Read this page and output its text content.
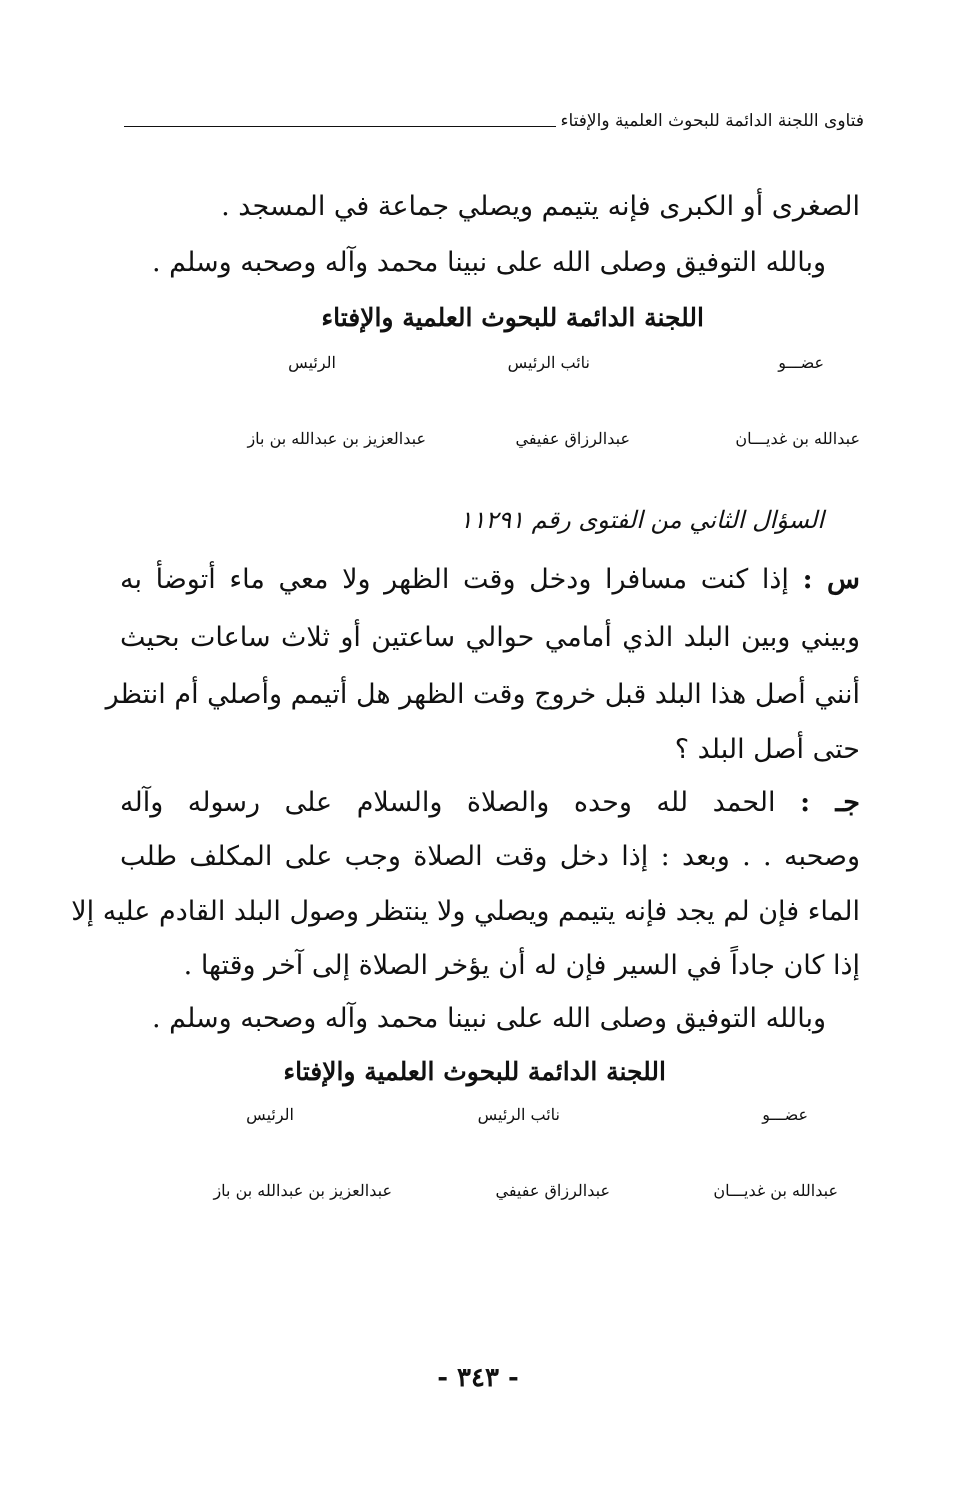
فتاوى اللجنة الدائمة للبحوث العلمية والإفتاء
الصغرى أو الكبرى فإنه يتيمم ويصلي جماعة في المسجد .
وبالله التوفيق وصلى الله على نبينا محمد وآله وصحبه وسلم .
اللجنة الدائمة للبحوث العلمية والإفتاء
عضـــو
نائب الرئيس
الرئيس
عبدالله بن غديـــان
عبدالرزاق عفيفي
عبدالعزيز بن عبدالله بن باز
السؤال الثاني من الفتوى رقم ١١٢٩١
س : إذا كنت مسافرا ودخل وقت الظهر ولا معي ماء أتوضأ به
وبيني وبين البلد الذي أمامي حوالي ساعتين أو ثلاث ساعات بحيث
أنني أصل هذا البلد قبل خروج وقت الظهر هل أتيمم وأصلي أم انتظر
حتى أصل البلد ؟
جـ : الحمد لله وحده والصلاة والسلام على رسوله وآله
وصحبه . . وبعد : إذا دخل وقت الصلاة وجب على المكلف طلب
الماء فإن لم يجد فإنه يتيمم ويصلي ولا ينتظر وصول البلد القادم عليه إلا
إذا كان جاداً في السير فإن له أن يؤخر الصلاة إلى آخر وقتها .
وبالله التوفيق وصلى الله على نبينا محمد وآله وصحبه وسلم .
اللجنة الدائمة للبحوث العلمية والإفتاء
عضـــو
نائب الرئيس
الرئيس
عبدالله بن غديـــان
عبدالرزاق عفيفي
عبدالعزيز بن عبدالله بن باز
- ٣٤٣ -
